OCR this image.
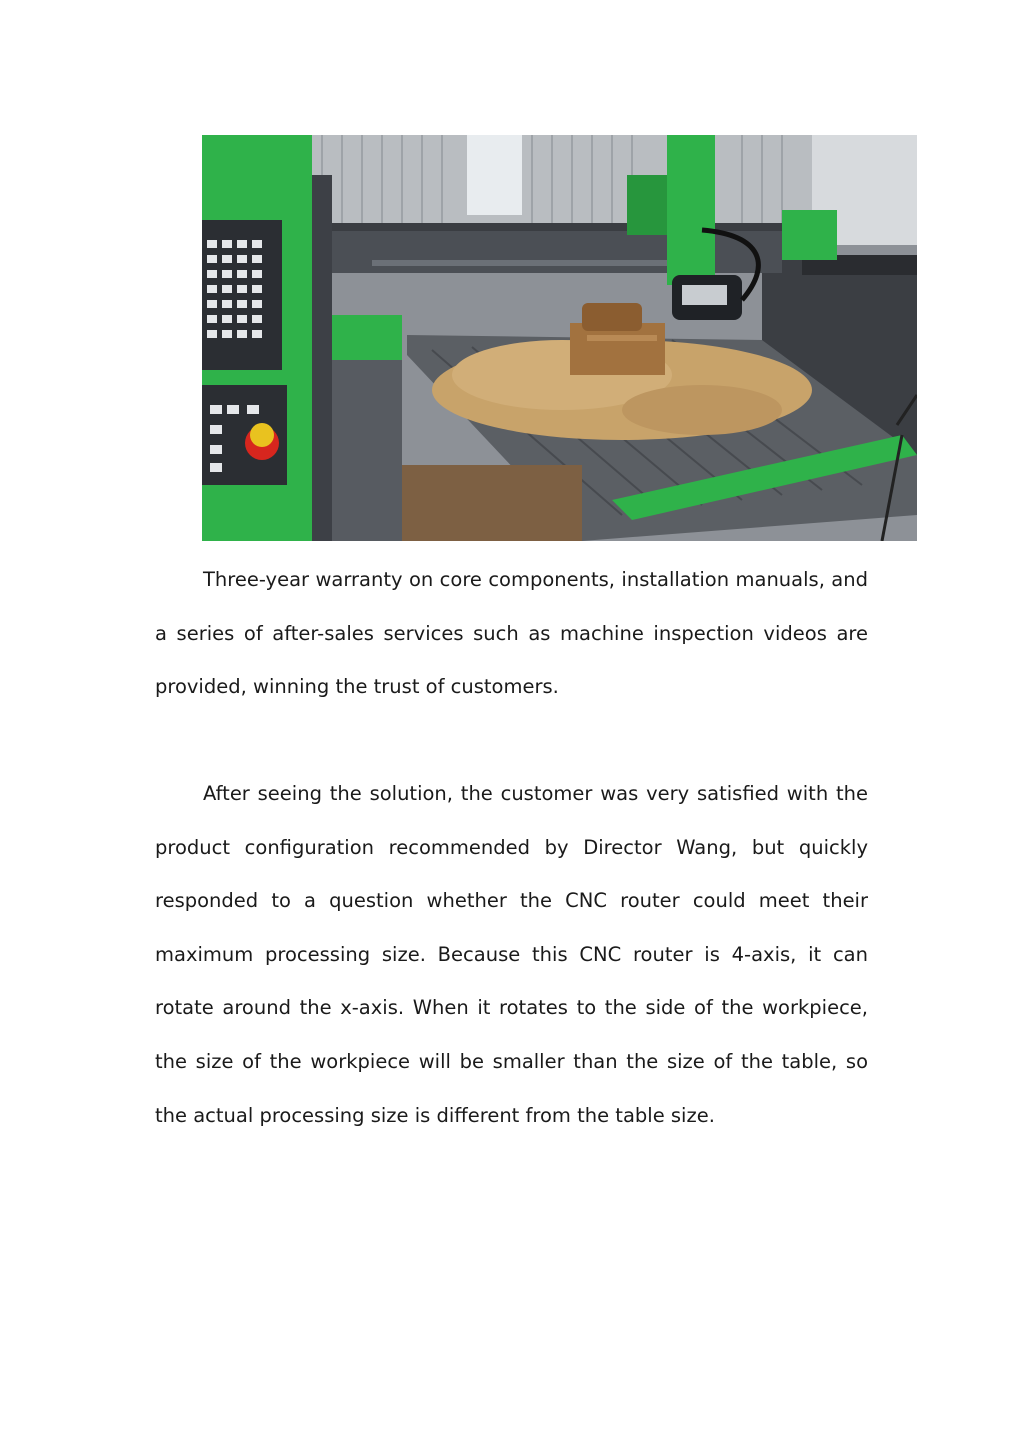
Three-year warranty on core components, installation manuals, and a series of after-sales services such as machine inspection videos are provided, winning the trust of customers.

After seeing the solution, the customer was very satisfied with the product configuration recommended by Director Wang, but quickly responded to a question whether the CNC router could meet their maximum processing size. Because this CNC router is 4-axis, it can rotate around the x-axis. When it rotates to the side of the workpiece, the size of the workpiece will be smaller than the size of the table, so the actual processing size is different from the table size.
